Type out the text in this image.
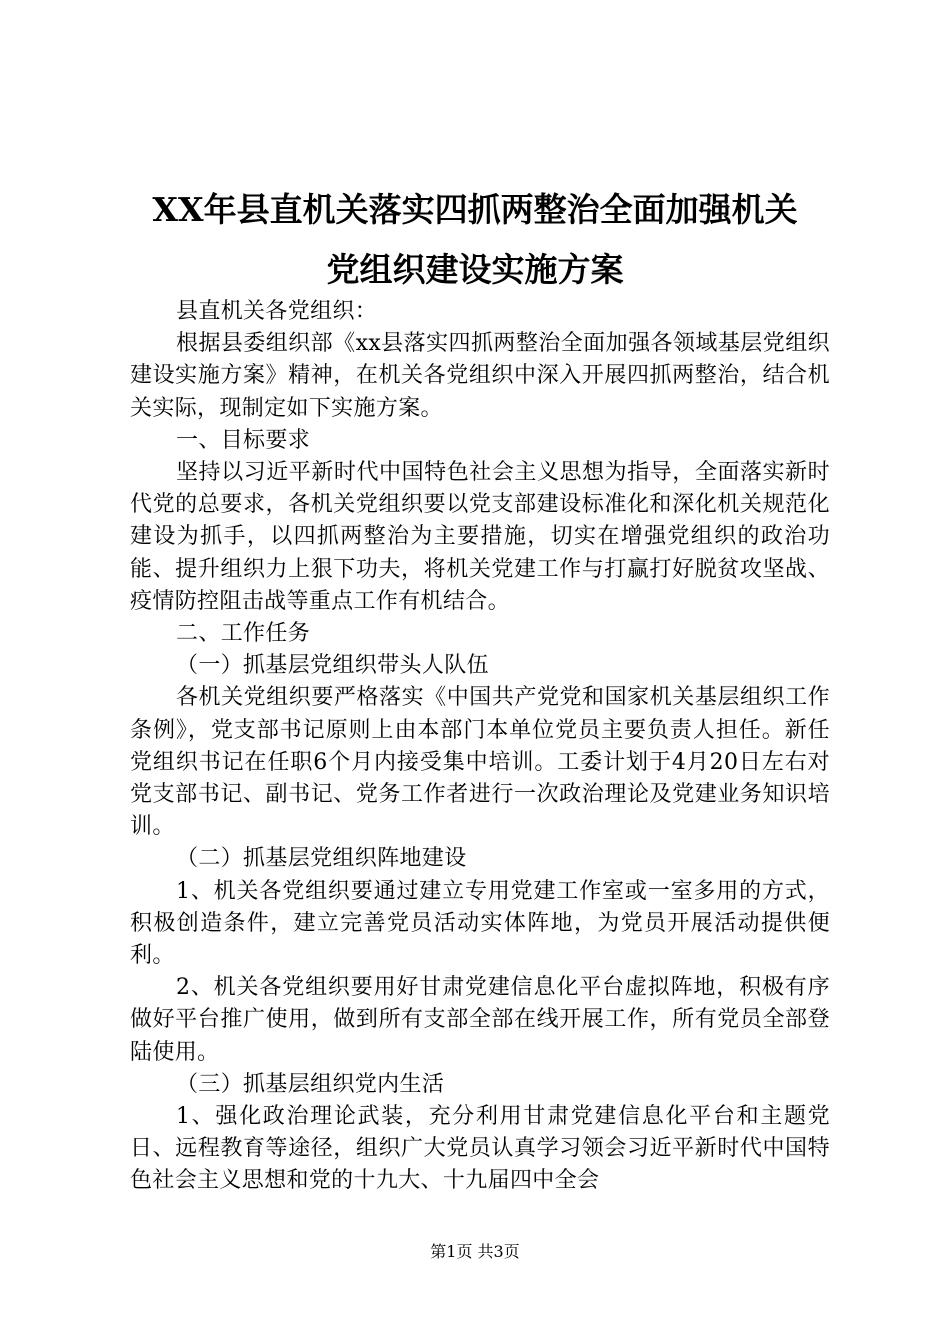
XX年县直机关落实四抓两整治全面加强机关
党组织建设实施方案

县直机关各党组织：

根据县委组织部《xx县落实四抓两整治全面加强各领域基层党组织建设实施方案》精神，在机关各党组织中深入开展四抓两整治，结合机关实际，现制定如下实施方案。

一、目标要求

坚持以习近平新时代中国特色社会主义思想为指导，全面落实新时代党的总要求，各机关党组织要以党支部建设标准化和深化机关规范化建设为抓手，以四抓两整治为主要措施，切实在增强党组织的政治功能、提升组织力上狠下功夫，将机关党建工作与打赢打好脱贫攻坚战、疫情防控阻击战等重点工作有机结合。

二、工作任务

（一）抓基层党组织带头人队伍

各机关党组织要严格落实《中国共产党党和国家机关基层组织工作条例》，党支部书记原则上由本部门本单位党员主要负责人担任。新任党组织书记在任职6个月内接受集中培训。工委计划于4月20日左右对党支部书记、副书记、党务工作者进行一次政治理论及党建业务知识培训。

（二）抓基层党组织阵地建设

1、机关各党组织要通过建立专用党建工作室或一室多用的方式，积极创造条件，建立完善党员活动实体阵地，为党员开展活动提供便利。

2、机关各党组织要用好甘肃党建信息化平台虚拟阵地，积极有序做好平台推广使用，做到所有支部全部在线开展工作，所有党员全部登陆使用。

（三）抓基层组织党内生活

1、强化政治理论武装，充分利用甘肃党建信息化平台和主题党日、远程教育等途径，组织广大党员认真学习领会习近平新时代中国特色社会主义思想和党的十九大、十九届四中全会

第1页 共3页
